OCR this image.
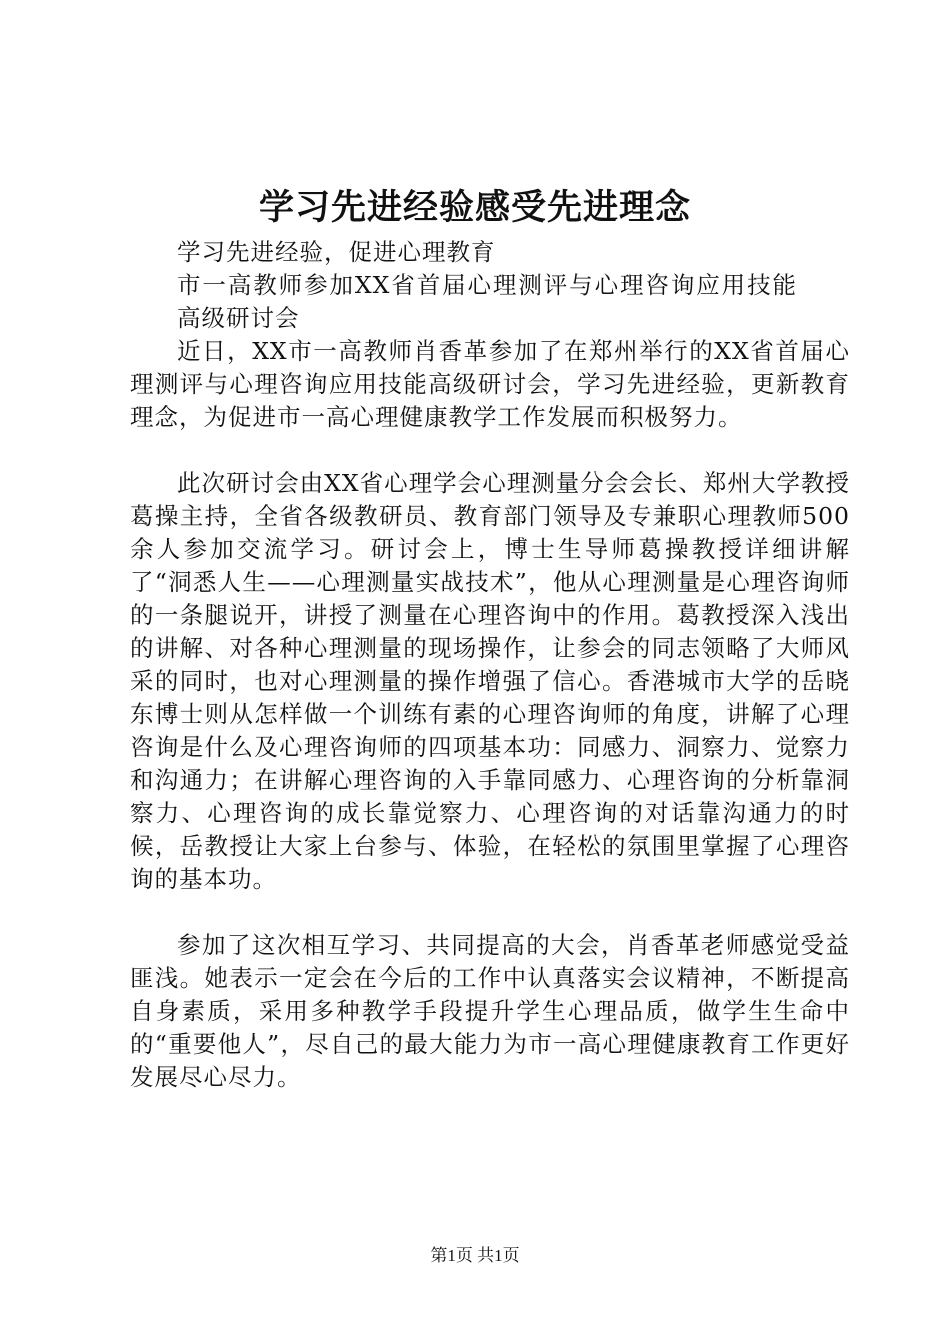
学习先进经验感受先进理念

学习先进经验，促进心理教育

市一高教师参加XX省首届心理测评与心理咨询应用技能高级研讨会

近日，XX市一高教师肖香革参加了在郑州举行的XX省首届心理测评与心理咨询应用技能高级研讨会，学习先进经验，更新教育理念，为促进市一高心理健康教学工作发展而积极努力。

此次研讨会由XX省心理学会心理测量分会会长、郑州大学教授葛操主持，全省各级教研员、教育部门领导及专兼职心理教师500余人参加交流学习。研讨会上，博士生导师葛操教授详细讲解了“洞悉人生——心理测量实战技术”，他从心理测量是心理咨询师的一条腿说开，讲授了测量在心理咨询中的作用。葛教授深入浅出的讲解、对各种心理测量的现场操作，让参会的同志领略了大师风采的同时，也对心理测量的操作增强了信心。香港城市大学的岳晓东博士则从怎样做一个训练有素的心理咨询师的角度，讲解了心理咨询是什么及心理咨询师的四项基本功：同感力、洞察力、觉察力和沟通力；在讲解心理咨询的入手靠同感力、心理咨询的分析靠洞察力、心理咨询的成长靠觉察力、心理咨询的对话靠沟通力的时候，岳教授让大家上台参与、体验，在轻松的氛围里掌握了心理咨询的基本功。

参加了这次相互学习、共同提高的大会，肖香革老师感觉受益匪浅。她表示一定会在今后的工作中认真落实会议精神，不断提高自身素质，采用多种教学手段提升学生心理品质，做学生生命中的“重要他人”，尽自己的最大能力为市一高心理健康教育工作更好发展尽心尽力。

第1页 共1页
